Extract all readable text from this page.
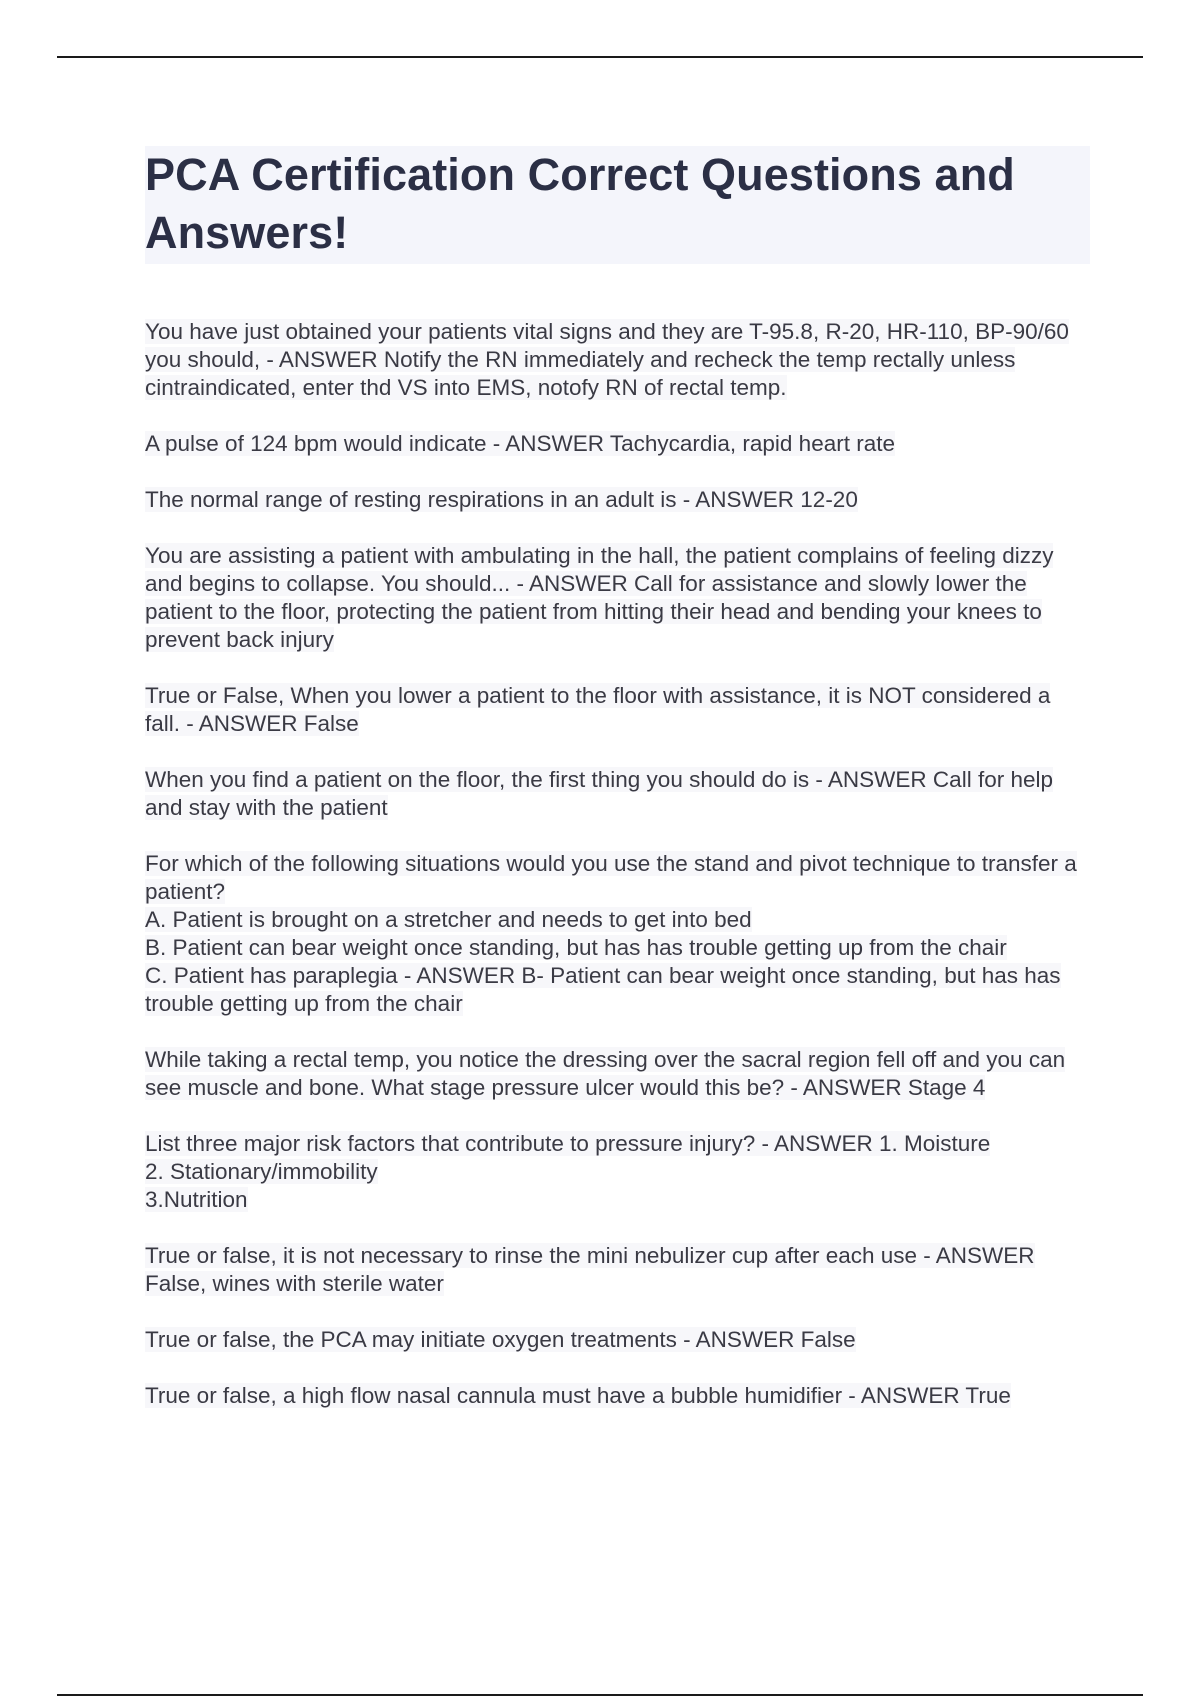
PCA Certification Correct Questions and Answers!

You have just obtained your patients vital signs and they are T-95.8, R-20, HR-110, BP-90/60 you should, - ANSWER Notify the RN immediately and recheck the temp rectally unless cintraindicated, enter thd VS into EMS, notofy RN of rectal temp.

A pulse of 124 bpm would indicate - ANSWER Tachycardia, rapid heart rate

The normal range of resting respirations in an adult is - ANSWER 12-20

You are assisting a patient with ambulating in the hall, the patient complains of feeling dizzy and begins to collapse. You should... - ANSWER Call for assistance and slowly lower the patient to the floor, protecting the patient from hitting their head and bending your knees to prevent back injury

True or False, When you lower a patient to the floor with assistance, it is NOT considered a fall. - ANSWER False

When you find a patient on the floor, the first thing you should do is - ANSWER Call for help and stay with the patient

For which of the following situations would you use the stand and pivot technique to transfer a patient?
A. Patient is brought on a stretcher and needs to get into bed
B. Patient can bear weight once standing, but has has trouble getting up from the chair
C. Patient has paraplegia - ANSWER B- Patient can bear weight once standing, but has has trouble getting up from the chair

While taking a rectal temp, you notice the dressing over the sacral region fell off and you can see muscle and bone. What stage pressure ulcer would this be? - ANSWER Stage 4

List three major risk factors that contribute to pressure injury? - ANSWER 1. Moisture
2. Stationary/immobility
3.Nutrition

True or false, it is not necessary to rinse the mini nebulizer cup after each use - ANSWER False, wines with sterile water

True or false, the PCA may initiate oxygen treatments - ANSWER False

True or false, a high flow nasal cannula must have a bubble humidifier - ANSWER True
